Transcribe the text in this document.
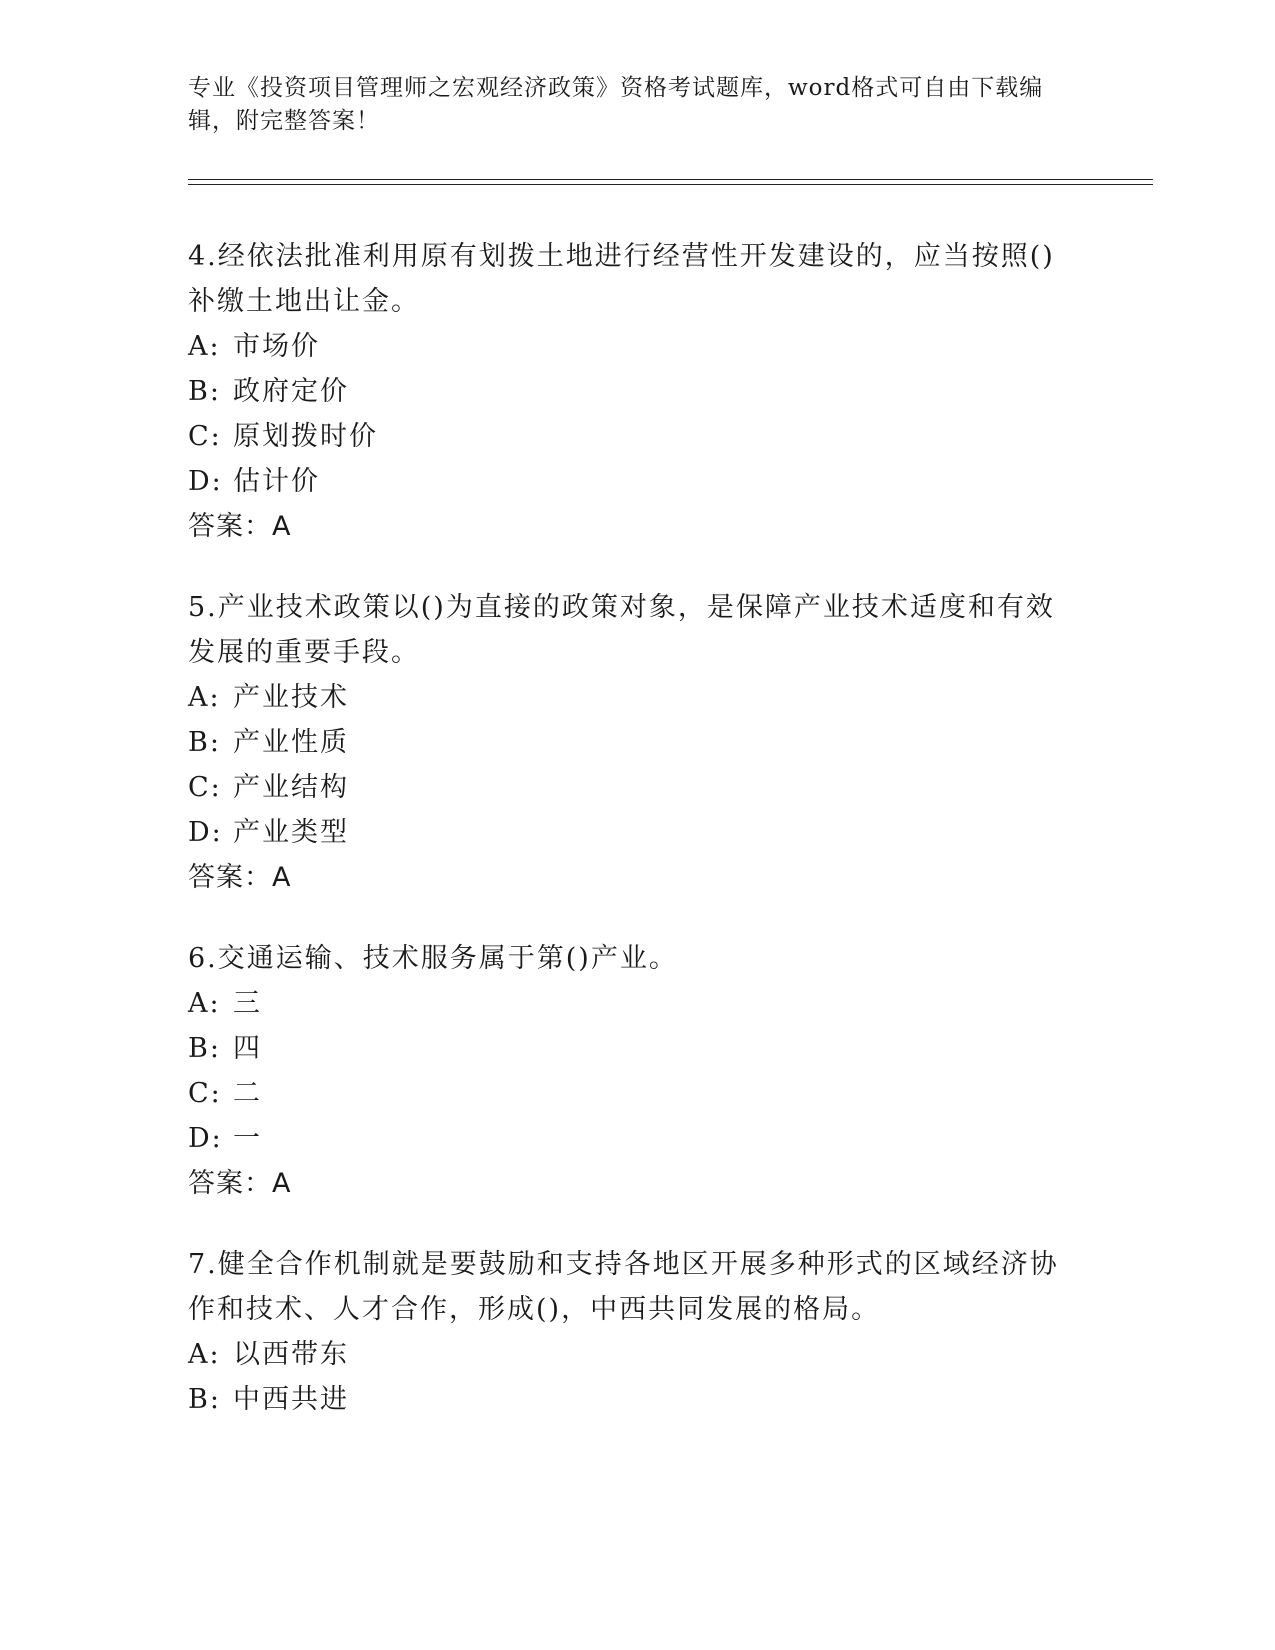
专业《投资项目管理师之宏观经济政策》资格考试题库，word格式可自由下载编辑，附完整答案！
4.经依法批准利用原有划拨土地进行经营性开发建设的，应当按照()补缴土地出让金。
A: 市场价
B: 政府定价
C: 原划拨时价
D: 估计价
答案：A
5.产业技术政策以()为直接的政策对象，是保障产业技术适度和有效发展的重要手段。
A: 产业技术
B: 产业性质
C: 产业结构
D: 产业类型
答案：A
6.交通运输、技术服务属于第()产业。
A: 三
B: 四
C: 二
D: 一
答案：A
7.健全合作机制就是要鼓励和支持各地区开展多种形式的区域经济协作和技术、人才合作，形成()，中西共同发展的格局。
A: 以西带东
B: 中西共进
